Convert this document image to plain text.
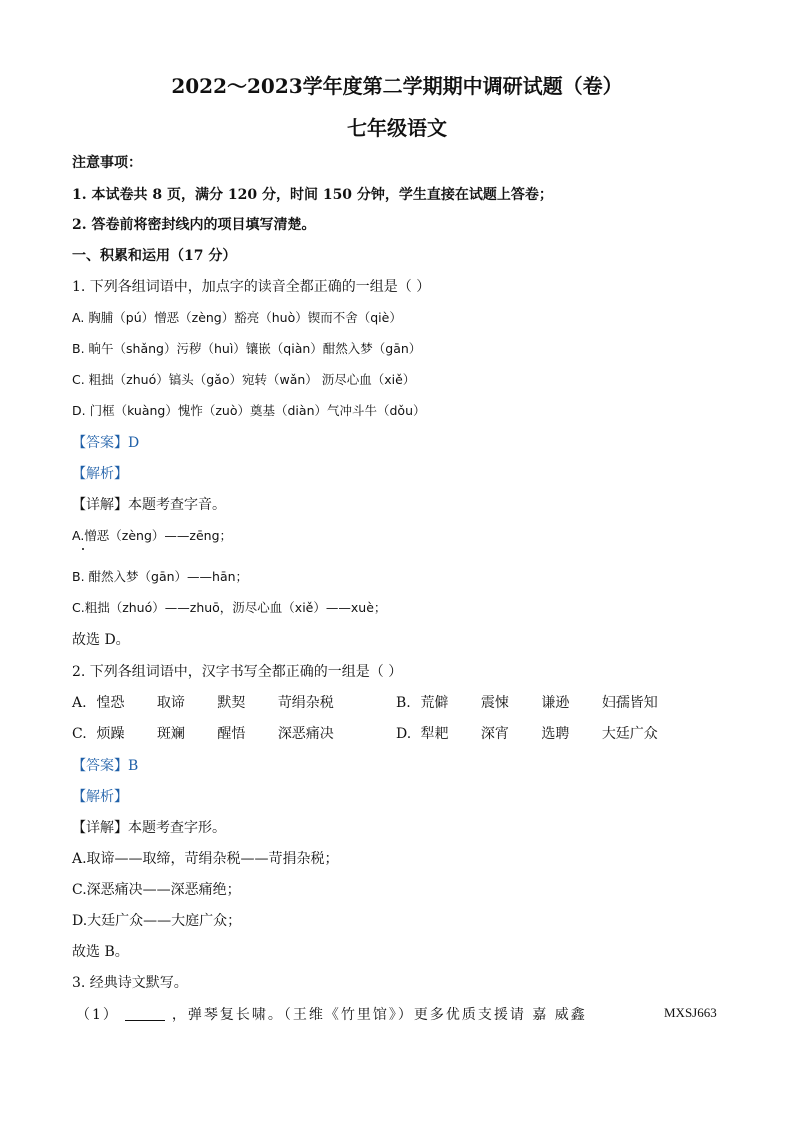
2022～2023学年度第二学期期中调研试题（卷）
七年级语文
注意事项：
1. 本试卷共 8 页，满分 120 分，时间 150 分钟，学生直接在试题上答卷；
2. 答卷前将密封线内的项目填写清楚。
一、积累和运用（17 分）
1. 下列各组词语中，加点字的读音全都正确的一组是（ ）
A. 胸脯（pú）憎恶（zèng）豁亮（huò）锲而不舍（qiè）
B. 晌午（shǎng）污秽（huì）镶嵌（qiàn）酣然入梦（gān）
C. 粗拙（zhuó）镐头（gǎo）宛转（wǎn） 沥尽心血（xiě）
D. 门框（kuàng）愧怍（zuò）奠基（diàn）气冲斗牛（dǒu）
【答案】D
【解析】
【详解】本题考查字音。
A.憎恶（zèng）——zēng；
B. 酣然入梦（gān）——hān；
C.粗拙（zhuó）——zhuō，沥尽心血（xiě）——xuè；
故选 D。
2. 下列各组词语中，汉字书写全都正确的一组是（ ）
A. 惶恐 取谛 默契 苛绢杂税	B. 荒僻 震悚 谦逊 妇孺皆知
C. 烦躁 斑斓 醒悟 深恶痛决	D. 犁耙 深宵 选聘 大廷广众
【答案】B
【解析】
【详解】本题考查字形。
A.取谛——取缔，苛绢杂税——苛捐杂税；
C.深恶痛决——深恶痛绝；
D.大廷广众——大庭广众；
故选 B。
3. 经典诗文默写。
（1）	，弹琴复长啸。（王维《竹里馆》）更多优质支援请 嘉 威鑫	MXSJ663
